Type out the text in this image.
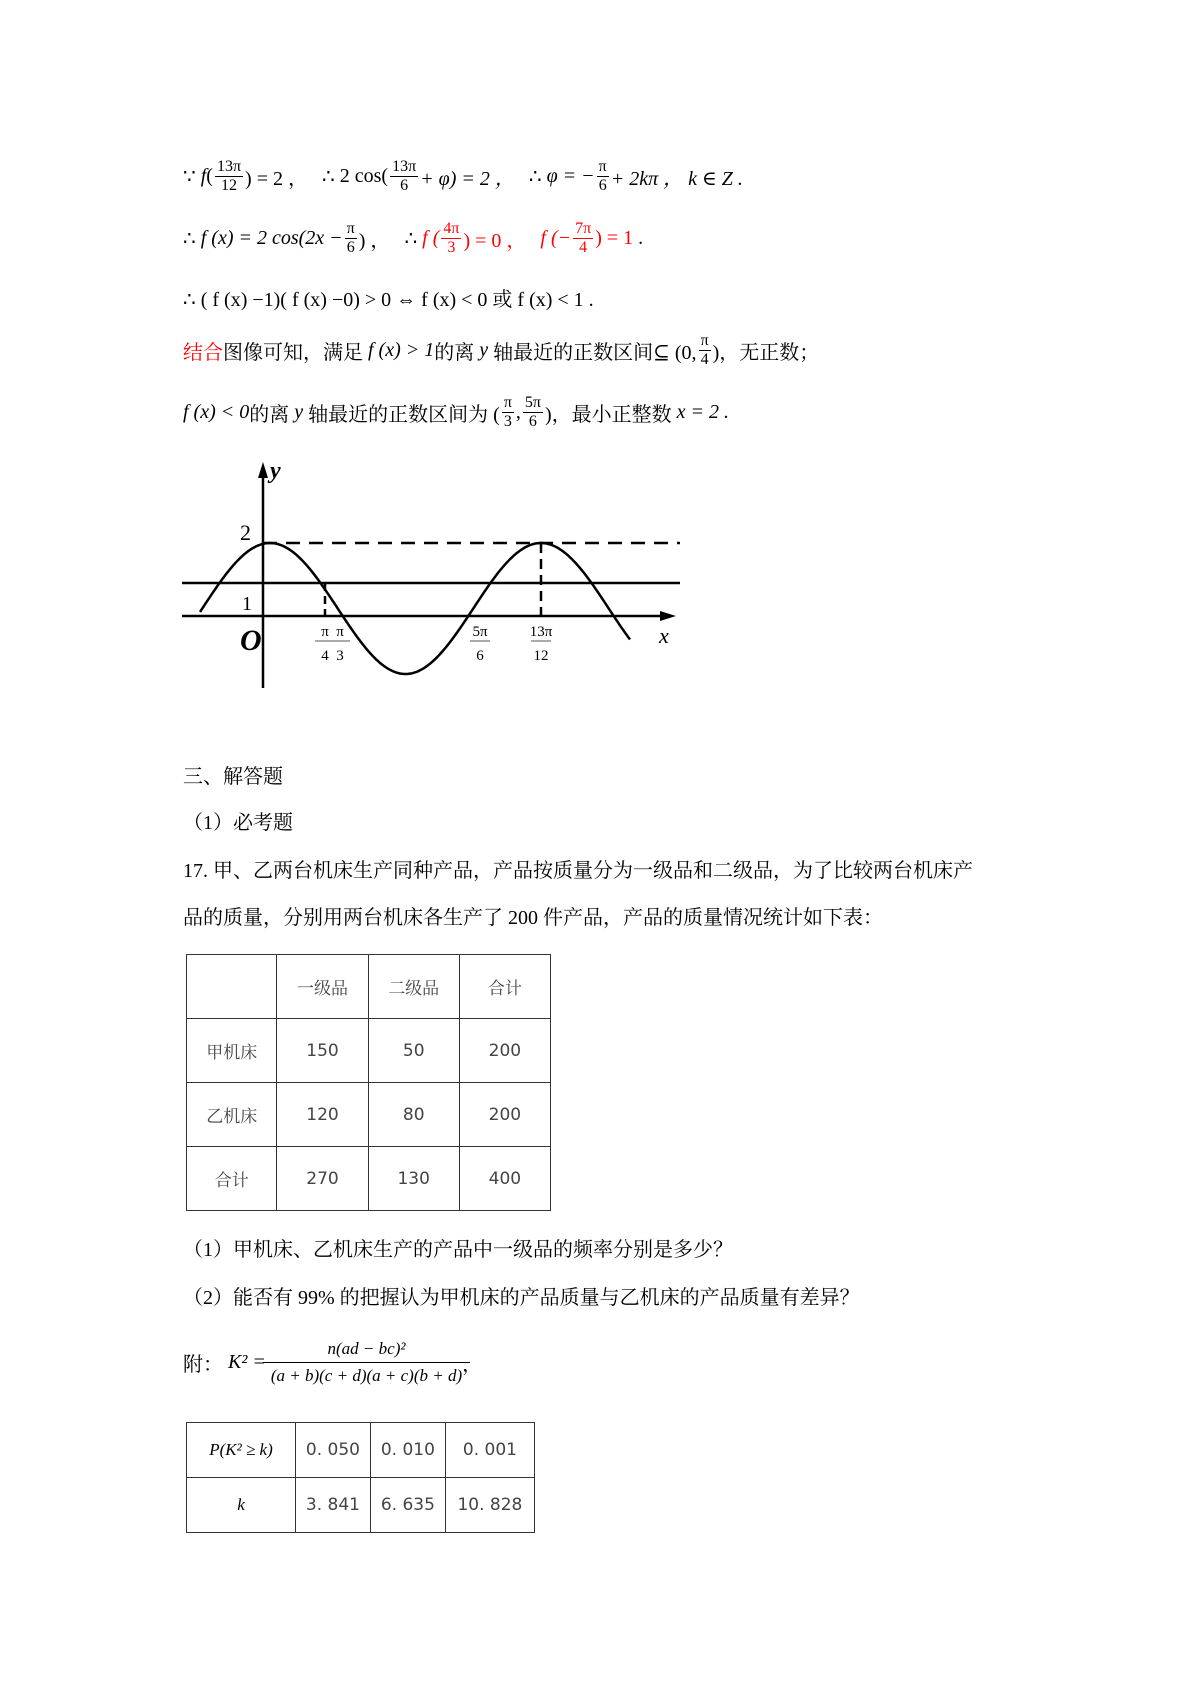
∵
f ( $\frac{13\pi}{12}$ ) = 2 ， ∴
2 $\cos( \frac{13\pi}{6} + \varphi) = 2$ ， ∴
φ = − $\frac{\pi}{6} + 2k\pi$ ， k ∈ Z .
∴
f (x) = 2 $\cos(2x - \frac{\pi}{6}$ ) ， ∴
f ( $\frac{4\pi}{3}$ ) = 0 ， f (− $\frac{7\pi}{4}$ ) = 1
.
∴ ( f (x) −1)( f (x) −0) > 0 ⇔ f (x) < 0 或 f (x) < 1 .
结合 图像可知，满足
f (x) > 1 的离
y
轴最近的正数区间⊆ (0, $\frac{\pi}{4}$ )，无正数；
f (x) < 0 的离
y
轴最近的正数区间为 ( $\frac{\pi}{3}$ , $\frac{5\pi}{6}$ )，最小正整数
x = 2 .
y
x
O
2
1
π
4
π
3
5π
6
13π
12
三、解答题
（1）必考题
17. 甲、乙两台机床生产同种产品，产品按质量分为一级品和二级品，为了比较两台机床产
品的质量，分别用两台机床各生产了 200 件产品，产品的质量情况统计如下表：
	一级品	二级品	合计
甲机床	150	50	200
乙机床	120	80	200
合计	270	130	400
（1）甲机床、乙机床生产的产品中一级品的频率分别是多少？
（2）能否有 99% 的把握认为甲机床的产品质量与乙机床的产品质量有差异？
附：
K² =
$\frac{\text{n(ad − bc)²}}{(a + b)(c + d)(a + c)(b + d)}$ ，
P(K² ≥ k)	0. 050	0. 010	0. 001
k	3. 841	6. 635	10. 828
